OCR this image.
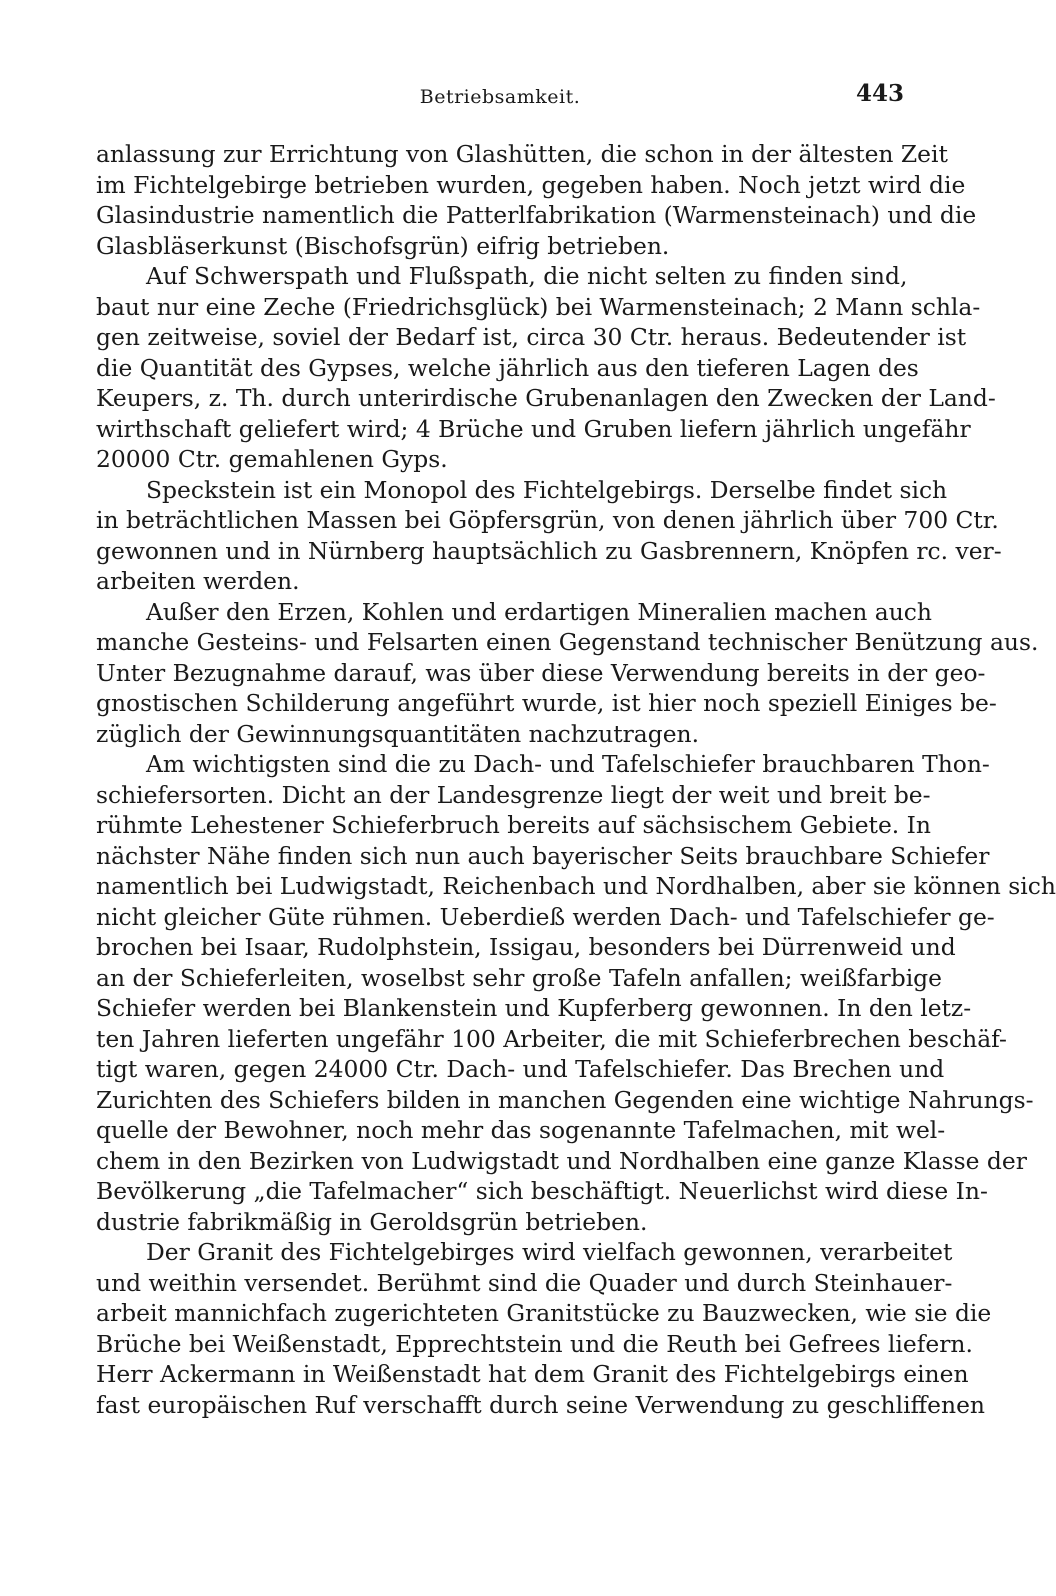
Betriebsamkeit.	443
anlassung zur Errichtung von Glashütten, die schon in der ältesten Zeit
im Fichtelgebirge betrieben wurden, gegeben haben. Noch jetzt wird die
Glasindustrie namentlich die Patterlfabrikation (Warmensteinach) und die
Glasbläserkunst (Bischofsgrün) eifrig betrieben.
Auf Schwerspath und Flußspath, die nicht selten zu finden sind,
baut nur eine Zeche (Friedrichsglück) bei Warmensteinach; 2 Mann schla-
gen zeitweise, soviel der Bedarf ist, circa 30 Ctr. heraus. Bedeutender ist
die Quantität des Gypses, welche jährlich aus den tieferen Lagen des
Keupers, z. Th. durch unterirdische Grubenanlagen den Zwecken der Land-
wirthschaft geliefert wird; 4 Brüche und Gruben liefern jährlich ungefähr
20000 Ctr. gemahlenen Gyps.
Speckstein ist ein Monopol des Fichtelgebirgs. Derselbe findet sich
in beträchtlichen Massen bei Göpfersgrün, von denen jährlich über 700 Ctr.
gewonnen und in Nürnberg hauptsächlich zu Gasbrennern, Knöpfen rc. ver-
arbeiten werden.
Außer den Erzen, Kohlen und erdartigen Mineralien machen auch
manche Gesteins- und Felsarten einen Gegenstand technischer Benützung aus.
Unter Bezugnahme darauf, was über diese Verwendung bereits in der geo-
gnostischen Schilderung angeführt wurde, ist hier noch speziell Einiges be-
züglich der Gewinnungsquantitäten nachzutragen.
Am wichtigsten sind die zu Dach- und Tafelschiefer brauchbaren Thon-
schiefersorten. Dicht an der Landesgrenze liegt der weit und breit be-
rühmte Lehestener Schieferbruch bereits auf sächsischem Gebiete. In
nächster Nähe finden sich nun auch bayerischer Seits brauchbare Schiefer
namentlich bei Ludwigstadt, Reichenbach und Nordhalben, aber sie können sich
nicht gleicher Güte rühmen. Ueberdieß werden Dach- und Tafelschiefer ge-
brochen bei Isaar, Rudolphstein, Issigau, besonders bei Dürrenweid und
an der Schieferleiten, woselbst sehr große Tafeln anfallen; weißfarbige
Schiefer werden bei Blankenstein und Kupferberg gewonnen. In den letz-
ten Jahren lieferten ungefähr 100 Arbeiter, die mit Schieferbrechen beschäf-
tigt waren, gegen 24000 Ctr. Dach- und Tafelschiefer. Das Brechen und
Zurichten des Schiefers bilden in manchen Gegenden eine wichtige Nahrungs-
quelle der Bewohner, noch mehr das sogenannte Tafelmachen, mit wel-
chem in den Bezirken von Ludwigstadt und Nordhalben eine ganze Klasse der
Bevölkerung „die Tafelmacher“ sich beschäftigt. Neuerlichst wird diese In-
dustrie fabrikmäßig in Geroldsgrün betrieben.
Der Granit des Fichtelgebirges wird vielfach gewonnen, verarbeitet
und weithin versendet. Berühmt sind die Quader und durch Steinhauer-
arbeit mannichfach zugerichteten Granitstücke zu Bauzwecken, wie sie die
Brüche bei Weißenstadt, Epprechtstein und die Reuth bei Gefrees liefern.
Herr Ackermann in Weißenstadt hat dem Granit des Fichtelgebirgs einen
fast europäischen Ruf verschafft durch seine Verwendung zu geschliffenen
